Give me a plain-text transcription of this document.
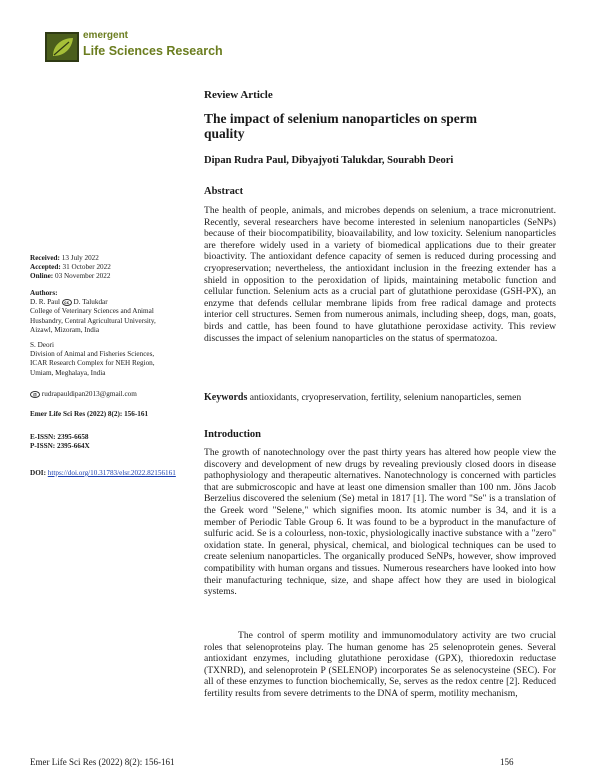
emergent
Life Sciences Research
Review Article
The impact of selenium nanoparticles on sperm quality
Dipan Rudra Paul, Dibyajyoti Talukdar, Sourabh Deori
Abstract
The health of people, animals, and microbes depends on selenium, a trace micronutrient. Recently, several researchers have become interested in selenium nanoparticles (SeNPs) because of their biocompatibility, bioavailability, and low toxicity. Selenium nanoparticles are therefore widely used in a variety of biomedical applications due to their greater bioactivity. The antioxidant defence capacity of semen is reduced during processing and cryopreservation; nevertheless, the antioxidant inclusion in the freezing extender has a shield in opposition to the peroxidation of lipids, maintaining metabolic function and cellular function. Selenium acts as a crucial part of glutathione peroxidase (GSH-PX), an enzyme that defends cellular membrane lipids from free radical damage and protects interior cell structures. Semen from numerous animals, including sheep, dogs, man, goats, birds and cattle, has been found to have glutathione peroxidase activity. This review discusses the impact of selenium nanoparticles on the status of spermatozoa.
Keywords antioxidants, cryopreservation, fertility, selenium nanoparticles, semen
Introduction
The growth of nanotechnology over the past thirty years has altered how people view the discovery and development of new drugs by revealing previously closed doors in disease pathophysiology and therapeutic alternatives. Nanotechnology is concerned with particles that are submicroscopic and have at least one dimension smaller than 100 nm. Jöns Jacob Berzelius discovered the selenium (Se) metal in 1817 [1]. The word "Se" is a translation of the Greek word "Selene," which signifies moon. Its atomic number is 34, and it is a member of Periodic Table Group 6. It was found to be a byproduct in the manufacture of sulfuric acid. Se is a colourless, non-toxic, physiologically inactive substance with a "zero" oxidation state. In general, physical, chemical, and biological techniques can be used to create selenium nanoparticles. The organically produced SeNPs, however, show improved compatibility with human organs and tissues. Numerous researchers have looked into how their manufacturing technique, size, and shape affect how they are used in biological systems.
The control of sperm motility and immunomodulatory activity are two crucial roles that selenoproteins play. The human genome has 25 selenoprotein genes. Several antioxidant enzymes, including glutathione peroxidase (GPX), thioredoxin reductase (TXNRD), and selenoprotein P (SELENOP) incorporates Se as selenocysteine (SEC). For all of these enzymes to function biochemically, Se, serves as the redox centre [2]. Reduced fertility results from severe detriments to the DNA of sperm, motility mechanism,
Received: 13 July 2022
Accepted: 31 October 2022
Online: 03 November 2022
Authors:
D. R. Paul cc D. Talukdar
College of Veterinary Sciences and Animal
Husbandry, Central Agricultural University,
Aizawl, Mizoram, India
S. Deori
Division of Animal and Fisheries Sciences,
ICAR Research Complex for NEH Region,
Umiam, Meghalaya, India
@ rudrapauldipan2013@gmail.com
Emer Life Sci Res (2022) 8(2): 156-161
E-ISSN: 2395-6658
P-ISSN: 2395-664X
DOI: https://doi.org/10.31783/elsr.2022.82156161
Emer Life Sci Res (2022) 8(2): 156-161	156
